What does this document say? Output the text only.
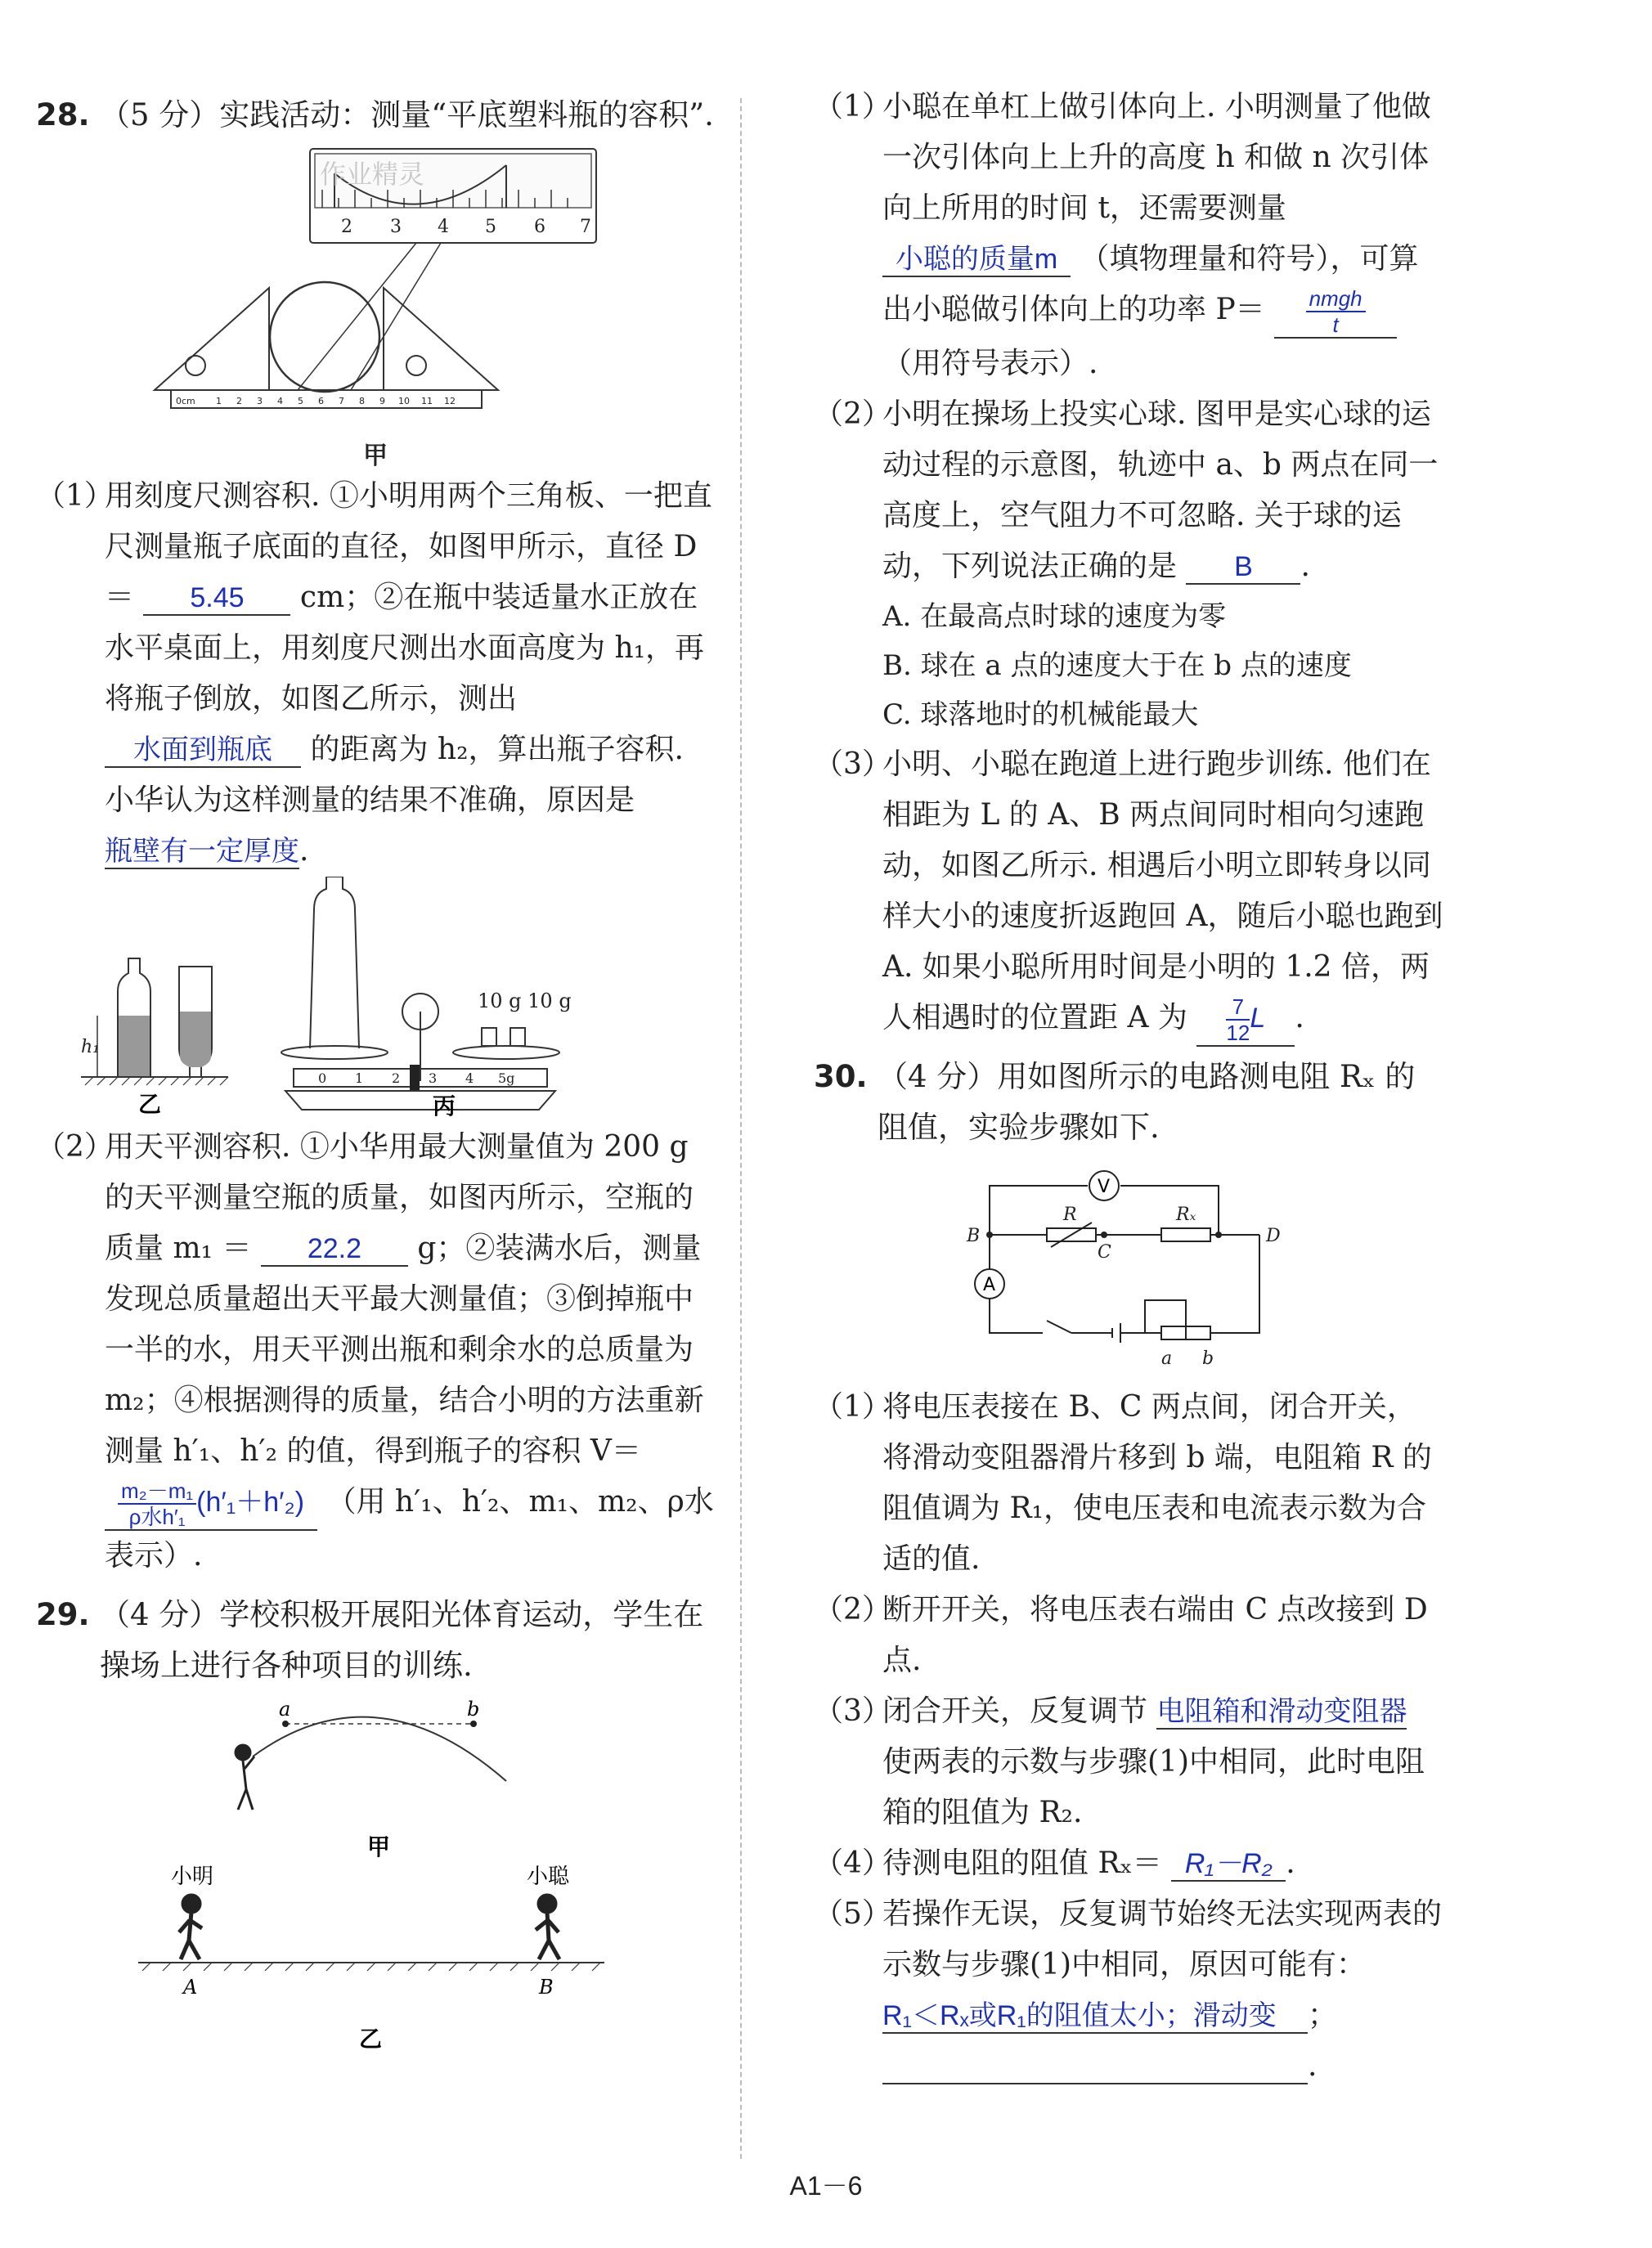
28. （5 分）实践活动：测量“平底塑料瓶的容积”.
作业精灵
2 3 4 5 6 7
0cm 1 2 3 4 5 6 7 8 9 10 11 12
甲
（1）
用刻度尺测容积. ①小明用两个三角板、一把直尺测量瓶子底面的直径，如图甲所示，直径 D＝ 5.45 cm；②在瓶中装适量水正放在水平桌面上，用刻度尺测出水面高度为 h₁，再将瓶子倒放，如图乙所示，测出 水面到瓶底 的距离为 h₂，算出瓶子容积. 小华认为这样测量的结果不准确，原因是 瓶壁有一定厚度.
h₁
乙
10 g 10 g
0 1 2 3 4 5g
丙
（2）
用天平测容积. ①小华用最大测量值为 200 g 的天平测量空瓶的质量，如图丙所示，空瓶的质量 m₁ ＝ 22.2 g；②装满水后，测量发现总质量超出天平最大测量值；③倒掉瓶中一半的水，用天平测出瓶和剩余水的总质量为 m₂；④根据测得的质量，结合小明的方法重新测量 h′₁、h′₂ 的值，得到瓶子的容积 V＝
$\frac{\text{m₂－m₁}}{\text{ρ水h′₁}}(h'_1+h'_2)$ （用 h′₁、h′₂、m₁、m₂、ρ水 表示）.
29. （4 分）学校积极开展阳光体育运动，学生在操场上进行各种项目的训练.
a	b
甲
小明	小聪
A	B
乙
（1）
小聪在单杠上做引体向上. 小明测量了他做一次引体向上上升的高度 h 和做 n 次引体向上所用的时间 t，还需要测量 小聪的质量m （填物理量和符号），可算出小聪做引体向上的功率 $P= \frac{\text{nmgh}}{t}$ （用符号表示）.
（2）
小明在操场上投实心球. 图甲是实心球的运动过程的示意图，轨迹中 a、b 两点在同一高度上，空气阻力不可忽略. 关于球的运动，下列说法正确的是 B .
A. 在最高点时球的速度为零
B. 球在 a 点的速度大于在 b 点的速度
C. 球落地时的机械能最大
（3）
小明、小聪在跑道上进行跑步训练. 他们在相距为 L 的 A、B 两点间同时相向匀速跑动，如图乙所示. 相遇后小明立即转身以同样大小的速度折返跑回 A，随后小聪也跑到 A. 如果小聪所用时间是小明的 1.2 倍，两人相遇时的位置距 A 为 $\frac{7}{12}L$ .
30. （4 分）用如图所示的电路测电阻 Rₓ 的阻值，实验步骤如下.
V
A
R	Rₓ
B
C
D
a b
（1）
将电压表接在 B、C 两点间，闭合开关，将滑动变阻器滑片移到 b 端，电阻箱 R 的阻值调为 R₁，使电压表和电流表示数为合适的值.
（2）
断开开关，将电压表右端由 C 点改接到 D 点.
（3）
闭合开关，反复调节 电阻箱和滑动变阻器 使两表的示数与步骤(1)中相同，此时电阻箱的阻值为 R₂.
（4）
待测电阻的阻值 Rₓ＝ R₁－R₂ .
（5）
若操作无误，反复调节始终无法实现两表的示数与步骤(1)中相同，原因可能有： R₁＜Rₓ或R₁的阻值太小；滑动变 ；
.
A1－6
